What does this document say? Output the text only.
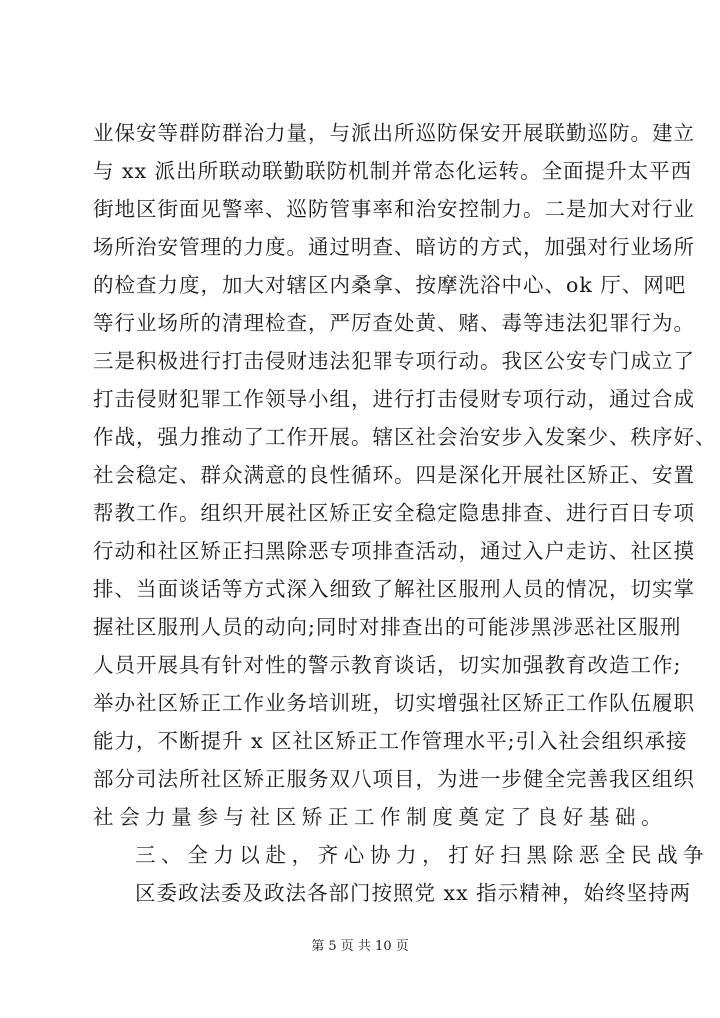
业保安等群防群治力量，与派出所巡防保安开展联勤巡防。建立
与 xx 派出所联动联勤联防机制并常态化运转。全面提升太平西
街地区街面见警率、巡防管事率和治安控制力。二是加大对行业
场所治安管理的力度。通过明查、暗访的方式，加强对行业场所
的检查力度，加大对辖区内桑拿、按摩洗浴中心、ok 厅、网吧
等行业场所的清理检查，严厉查处黄、赌、毒等违法犯罪行为。
三是积极进行打击侵财违法犯罪专项行动。我区公安专门成立了
打击侵财犯罪工作领导小组，进行打击侵财专项行动，通过合成
作战，强力推动了工作开展。辖区社会治安步入发案少、秩序好、
社会稳定、群众满意的良性循环。四是深化开展社区矫正、安置
帮教工作。组织开展社区矫正安全稳定隐患排查、进行百日专项
行动和社区矫正扫黑除恶专项排查活动，通过入户走访、社区摸
排、当面谈话等方式深入细致了解社区服刑人员的情况，切实掌
握社区服刑人员的动向;同时对排查出的可能涉黑涉恶社区服刑
人员开展具有针对性的警示教育谈话，切实加强教育改造工作;
举办社区矫正工作业务培训班，切实增强社区矫正工作队伍履职
能力，不断提升 x 区社区矫正工作管理水平;引入社会组织承接
部分司法所社区矫正服务双八项目，为进一步健全完善我区组织
社会力量参与社区矫正工作制度奠定了良好基础。
三、全力以赴，齐心协力，打好扫黑除恶全民战争
区委政法委及政法各部门按照党 xx 指示精神，始终坚持两
第 5 页 共 10 页
